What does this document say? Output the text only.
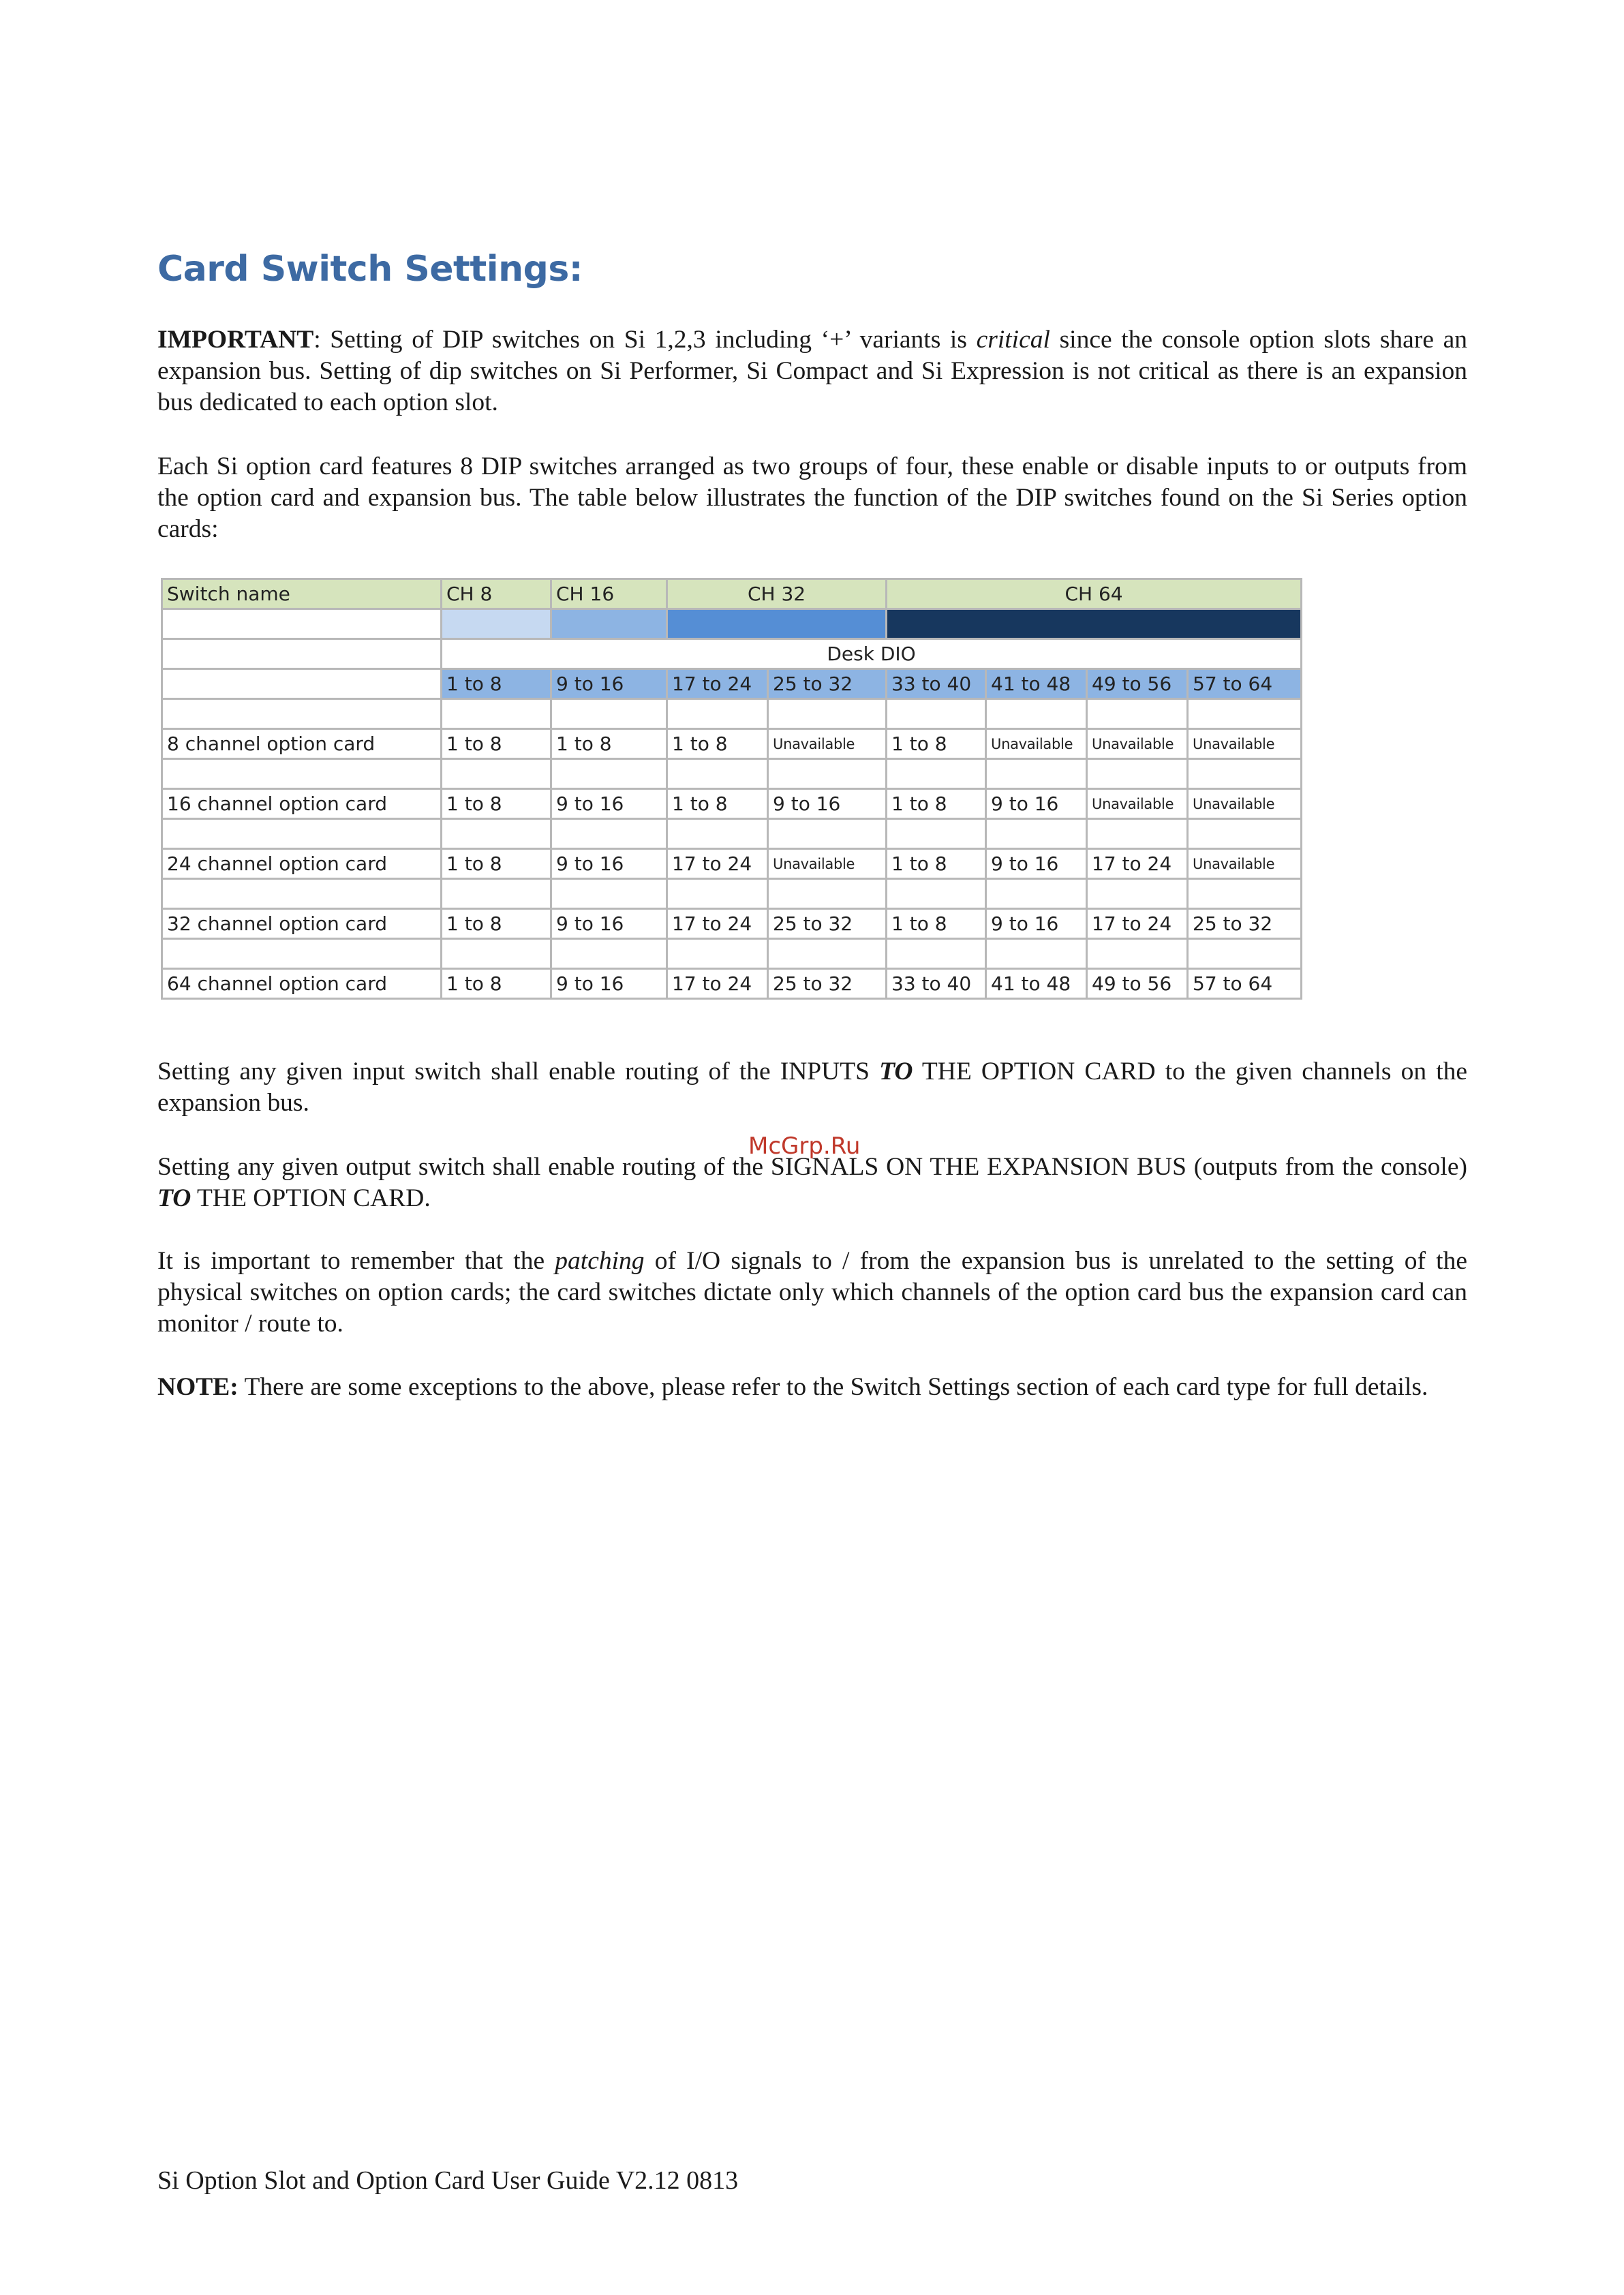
Card Switch Settings:

IMPORTANT: Setting of DIP switches on Si 1,2,3 including ‘+’ variants is critical since the console option slots share an expansion bus. Setting of dip switches on Si Performer, Si Compact and Si Expression is not critical as there is an expansion bus dedicated to each option slot.

Each Si option card features 8 DIP switches arranged as two groups of four, these enable or disable inputs to or outputs from the option card and expansion bus. The table below illustrates the function of the DIP switches found on the Si Series option cards:

Switch name	CH 8	CH 16	CH 32		CH 64			

	Desk DIO							
	1 to 8	9 to 16	17 to 24	25 to 32	33 to 40	41 to 48	49 to 56	57 to 64

8 channel option card	1 to 8	1 to 8	1 to 8	Unavailable	1 to 8	Unavailable	Unavailable	Unavailable

16 channel option card	1 to 8	9 to 16	1 to 8	9 to 16	1 to 8	9 to 16	Unavailable	Unavailable

24 channel option card	1 to 8	9 to 16	17 to 24	Unavailable	1 to 8	9 to 16	17 to 24	Unavailable

32 channel option card	1 to 8	9 to 16	17 to 24	25 to 32	1 to 8	9 to 16	17 to 24	25 to 32

64 channel option card	1 to 8	9 to 16	17 to 24	25 to 32	33 to 40	41 to 48	49 to 56	57 to 64

Setting any given input switch shall enable routing of the INPUTS TO THE OPTION CARD to the given channels on the expansion bus.

Setting any given output switch shall enable routing of the SIGNALS ON THE EXPANSION BUS (outputs from the console) TO THE OPTION CARD.

It is important to remember that the patching of I/O signals to / from the expansion bus is unrelated to the setting of the physical switches on option cards; the card switches dictate only which channels of the option card bus the expansion card can monitor / route to.

NOTE: There are some exceptions to the above, please refer to the Switch Settings section of each card type for full details.

McGrp.Ru

Si Option Slot and Option Card User Guide V2.12 0813
